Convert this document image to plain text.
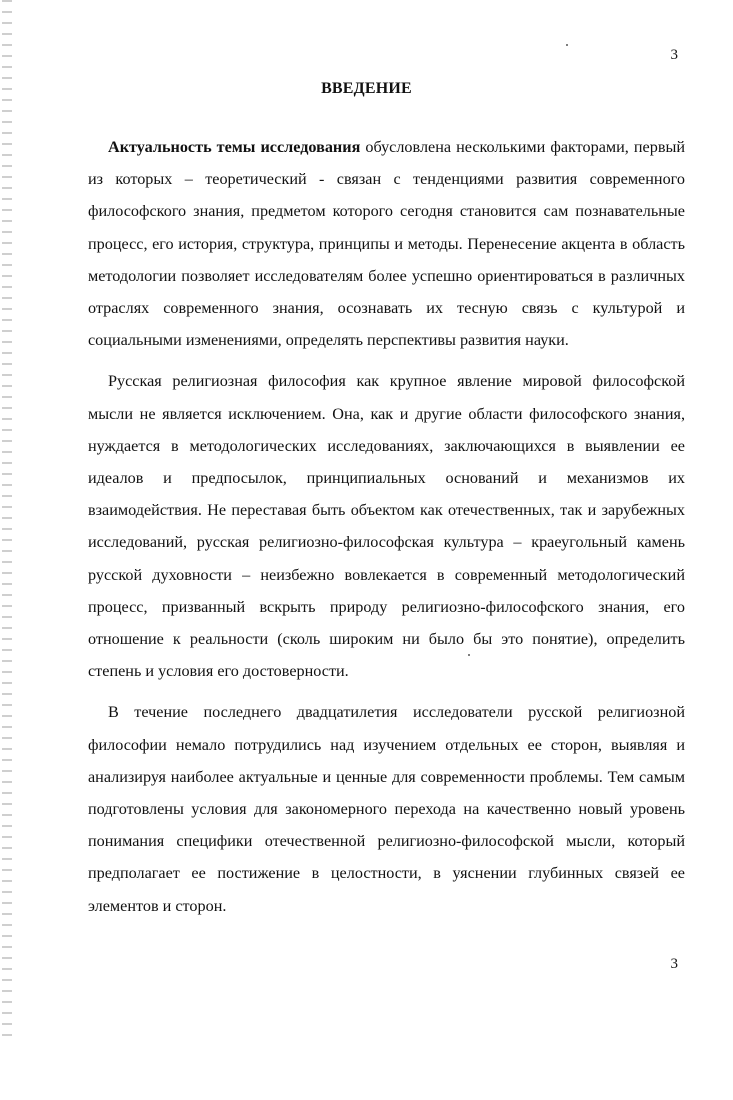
3
ВВЕДЕНИЕ

Актуальность темы исследования обусловлена несколькими факторами, первый из которых – теоретический - связан с тенденциями развития современного философского знания, предметом которого сегодня становится сам познавательные процесс, его история, структура, принципы и методы. Перенесение акцента в область методологии позволяет исследователям более успешно ориентироваться в различных отраслях современного знания, осознавать их тесную связь с культурой и социальными изменениями, определять перспективы развития науки.

Русская религиозная философия как крупное явление мировой философской мысли не является исключением. Она, как и другие области философского знания, нуждается в методологических исследованиях, заключающихся в выявлении ее идеалов и предпосылок, принципиальных оснований и механизмов их взаимодействия. Не переставая быть объектом как отечественных, так и зарубежных исследований, русская религиозно-философская культура – краеугольный камень русской духовности – неизбежно вовлекается в современный методологический процесс, призванный вскрыть природу религиозно-философского знания, его отношение к реальности (сколь широким ни было бы это понятие), определить степень и условия его достоверности.

В течение последнего двадцатилетия исследователи русской религиозной философии немало потрудились над изучением отдельных ее сторон, выявляя и анализируя наиболее актуальные и ценные для современности проблемы. Тем самым подготовлены условия для закономерного перехода на качественно новый уровень понимания специфики отечественной религиозно-философской мысли, который предполагает ее постижение в целостности, в уяснении глубинных связей ее элементов и сторон.

3
